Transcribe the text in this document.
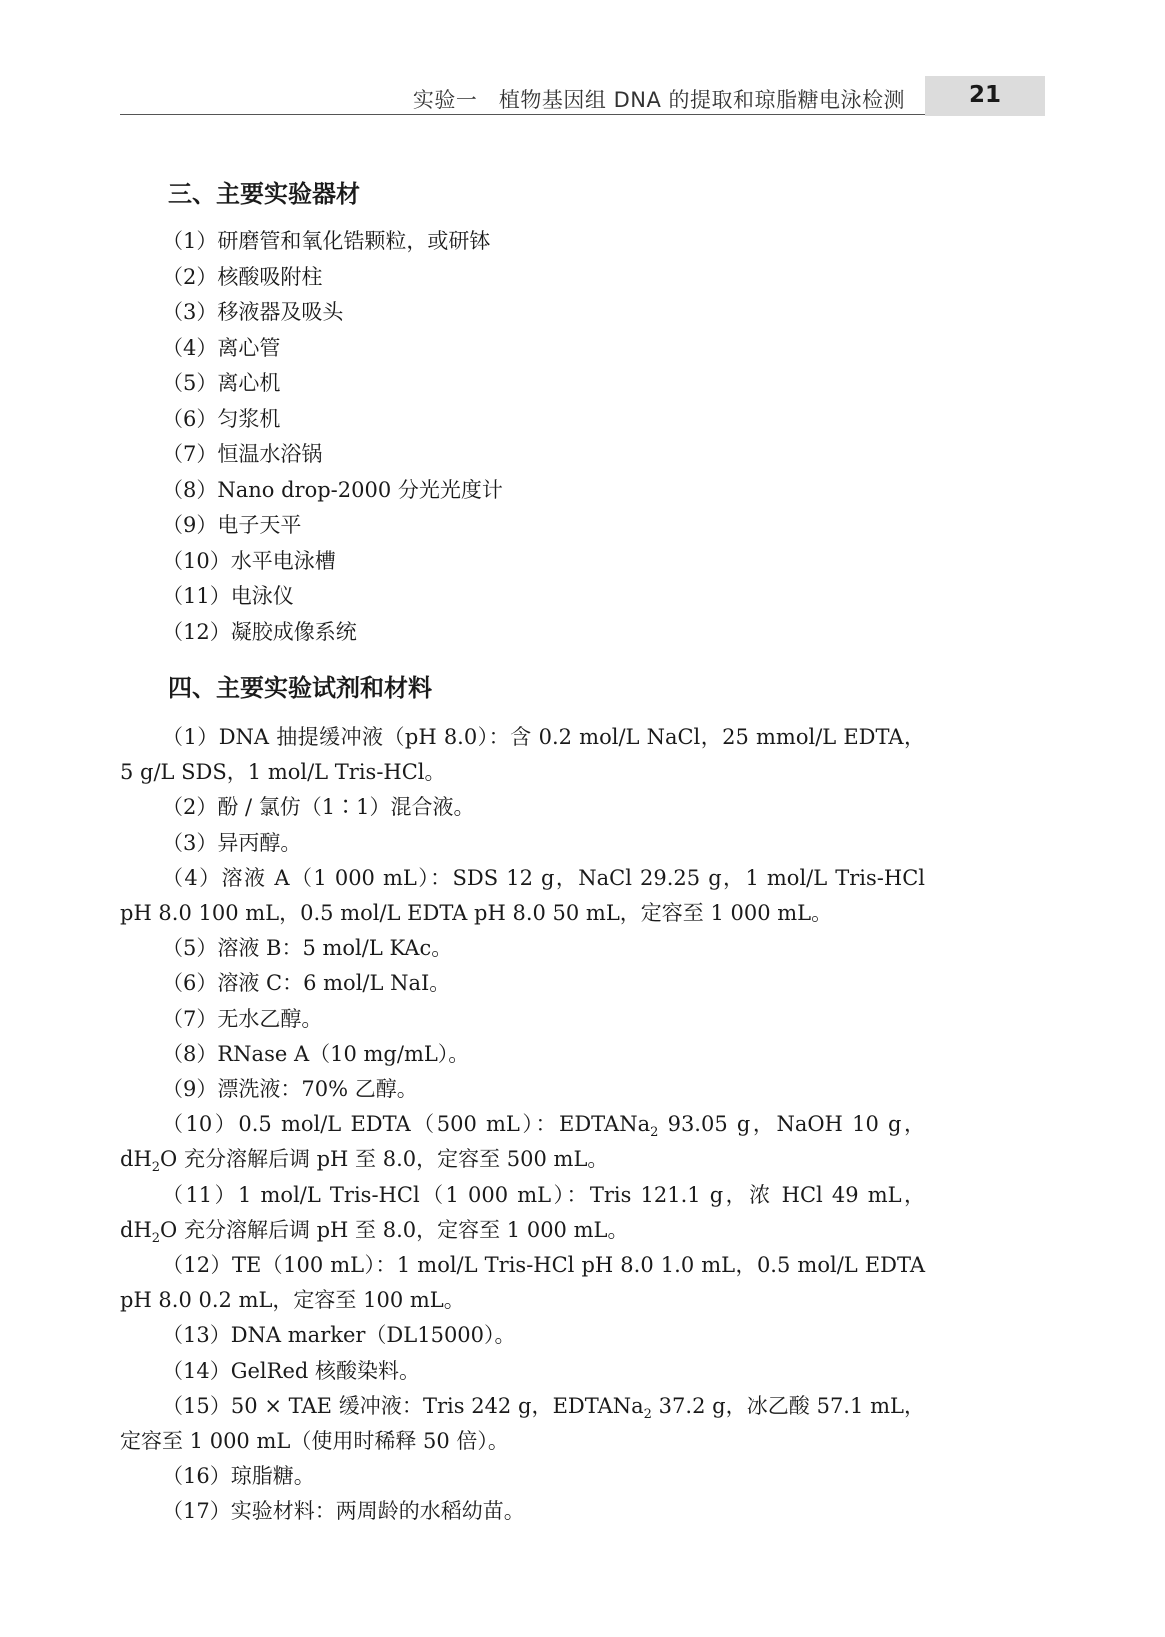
实验一　植物基因组 DNA 的提取和琼脂糖电泳检测	21
三、主要实验器材
（1）研磨管和氧化锆颗粒，或研钵
（2）核酸吸附柱
（3）移液器及吸头
（4）离心管
（5）离心机
（6）匀浆机
（7）恒温水浴锅
（8）Nano drop-2000 分光光度计
（9）电子天平
（10）水平电泳槽
（11）电泳仪
（12）凝胶成像系统
四、主要实验试剂和材料

（1）DNA 抽提缓冲液（pH 8.0）：含 0.2 mol/L NaCl，25 mmol/L EDTA，5 g/L SDS，1 mol/L Tris-HCl。

（2）酚 / 氯仿（1∶1）混合液。

（3）异丙醇。

（4）溶液 A（1 000 mL）：SDS 12 g，NaCl 29.25 g，1 mol/L Tris-HCl pH 8.0 100 mL，0.5 mol/L EDTA pH 8.0 50 mL，定容至 1 000 mL。

（5）溶液 B：5 mol/L KAc。

（6）溶液 C：6 mol/L NaI。

（7）无水乙醇。

（8）RNase A（10 mg/mL）。

（9）漂洗液：70% 乙醇。

（10）0.5 mol/L EDTA（500 mL）：EDTANa$_2$ 93.05 g，NaOH 10 g，$dH_2O$ 充分溶解后调 pH 至 8.0，定容至 500 mL。

（11）1 mol/L Tris-HCl（1 000 mL）：Tris 121.1 g，浓 HCl 49 mL，$dH_2O$ 充分溶解后调 pH 至 8.0，定容至 1 000 mL。

（12）TE（100 mL）：1 mol/L Tris-HCl pH 8.0 1.0 mL，0.5 mol/L EDTA pH 8.0 0.2 mL，定容至 100 mL。

（13）DNA marker（DL15000）。

（14）GelRed 核酸染料。

（15）50 × TAE 缓冲液：Tris 242 g，EDTANa$_2$ 37.2 g，冰乙酸 57.1 mL，定容至 1 000 mL（使用时稀释 50 倍）。

（16）琼脂糖。

（17）实验材料：两周龄的水稻幼苗。
